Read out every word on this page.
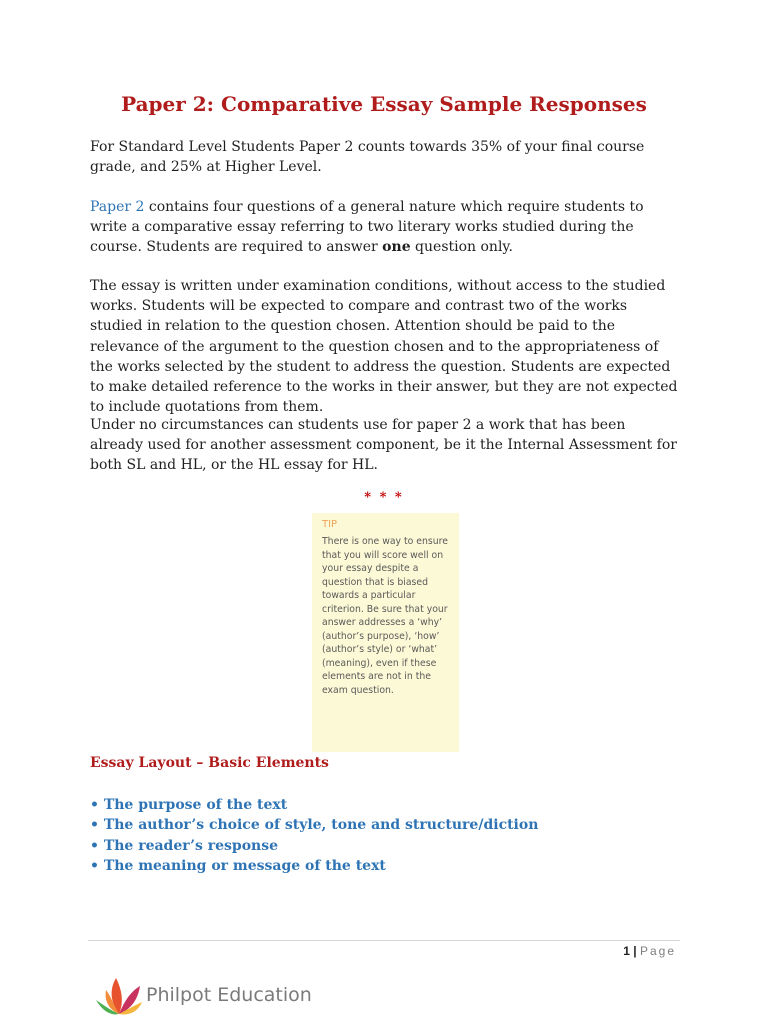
Paper 2: Comparative Essay Sample Responses

For Standard Level Students Paper 2 counts towards 35% of your final course grade, and 25% at Higher Level.

Paper 2 contains four questions of a general nature which require students to write a comparative essay referring to two literary works studied during the course. Students are required to answer one question only.

The essay is written under examination conditions, without access to the studied works. Students will be expected to compare and contrast two of the works studied in relation to the question chosen. Attention should be paid to the relevance of the argument to the question chosen and to the appropriateness of the works selected by the student to address the question. Students are expected to make detailed reference to the works in their answer, but they are not expected to include quotations from them.

Under no circumstances can students use for paper 2 a work that has been already used for another assessment component, be it the Internal Assessment for both SL and HL, or the HL essay for HL.

* * *
TIP

There is one way to ensure that you will score well on your essay despite a question that is biased towards a particular criterion. Be sure that your answer addresses a ‘why’ (author’s purpose), ‘how’ (author’s style) or ‘what’ (meaning), even if these elements are not in the exam question.

Essay Layout – Basic Elements
• The purpose of the text
• The author’s choice of style, tone and structure/diction
• The reader’s response
• The meaning or message of the text
1 | Page
Philpot Education
